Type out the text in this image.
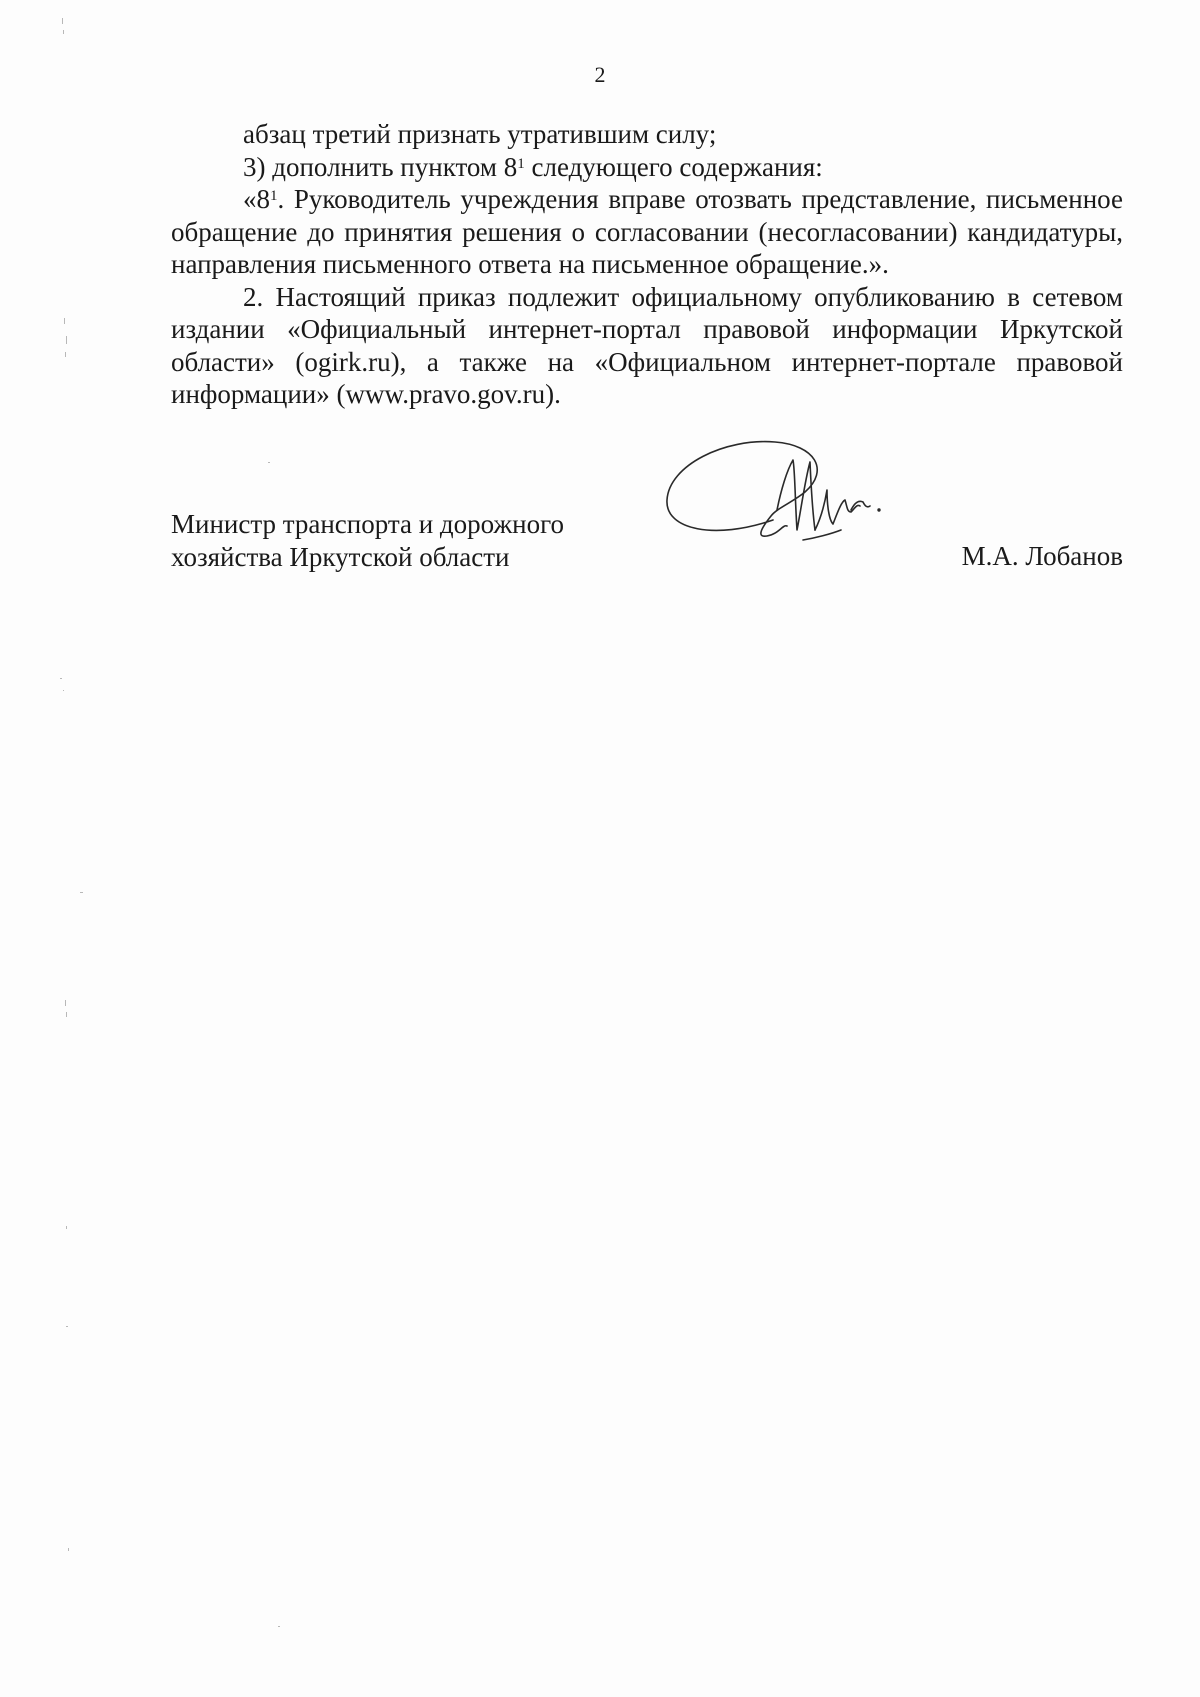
2

абзац третий признать утратившим силу;

3) дополнить пунктом $8^1$ следующего содержания:

«$8^1$. Руководитель учреждения вправе отозвать представление, письменное обращение до принятия решения о согласовании (несогласовании) кандидатуры, направления письменного ответа на письменное обращение.».

2. Настоящий приказ подлежит официальному опубликованию в сетевом издании «Официальный интернет-портал правовой информации Иркутской области» (ogirk.ru), а также на «Официальном интернет-портале правовой информации» (www.pravo.gov.ru).

Министр транспорта и дорожного
хозяйства Иркутской области	М.А. Лобанов
